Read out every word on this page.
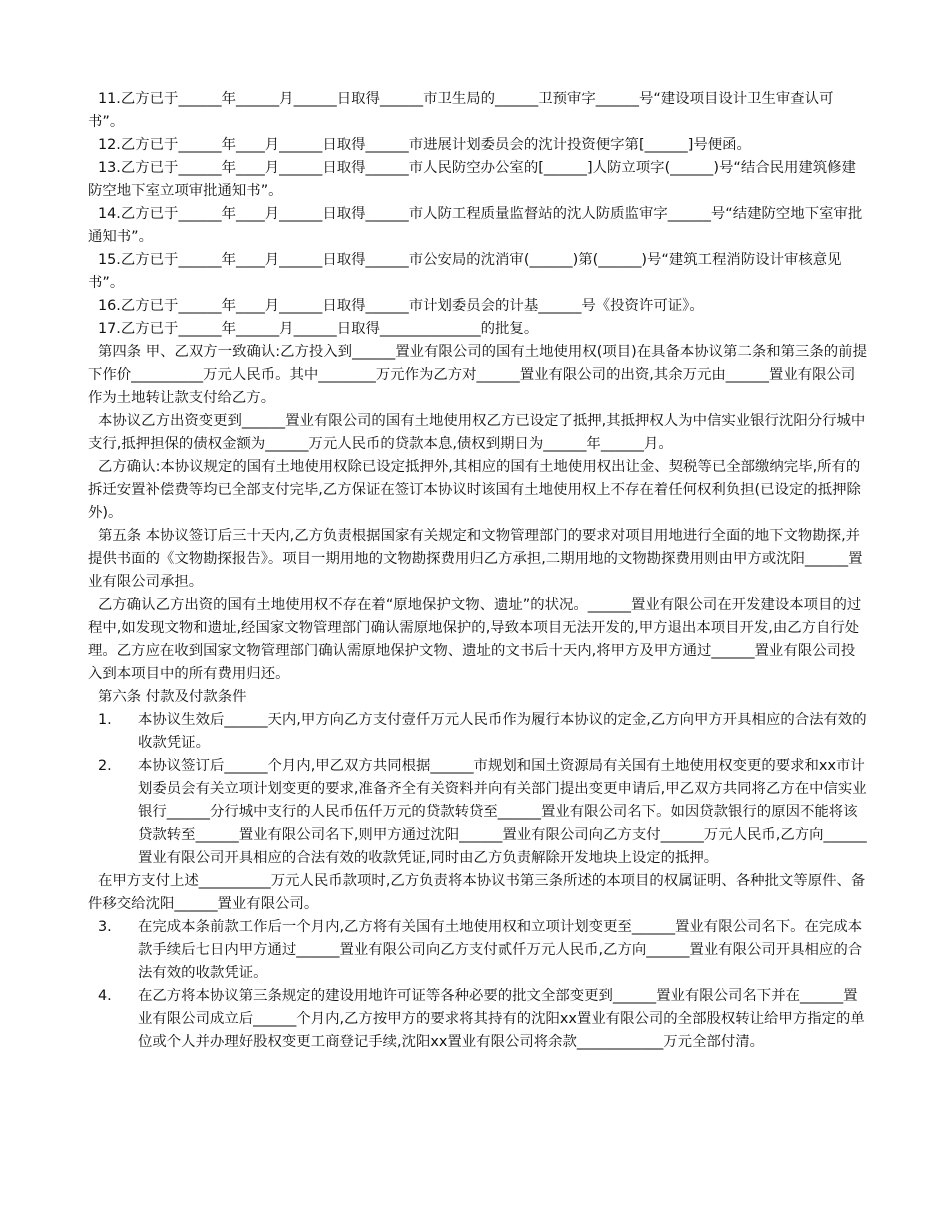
11.乙方已于______年______月______日取得______市卫生局的______卫预审字______号“建设项目设计卫生审查认可书”。

12.乙方已于______年____月______日取得______市进展计划委员会的沈计投资便字第[______]号便函。

13.乙方已于______年____月______日取得______市人民防空办公室的[______]人防立项字(______)号“结合民用建筑修建防空地下室立项审批通知书”。

14.乙方已于______年____月______日取得______市人防工程质量监督站的沈人防质监审字______号“结建防空地下室审批通知书”。

15.乙方已于______年____月______日取得______市公安局的沈消审(______)第(______)号“建筑工程消防设计审核意见书”。

16.乙方已于______年____月______日取得______市计划委员会的计基______号《投资许可证》。

17.乙方已于______年______月______日取得______________的批复。

第四条 甲、乙双方一致确认:乙方投入到______置业有限公司的国有土地使用权(项目)在具备本协议第二条和第三条的前提下作价__________万元人民币。其中________万元作为乙方对______置业有限公司的出资,其余万元由______置业有限公司作为土地转让款支付给乙方。

本协议乙方出资变更到______置业有限公司的国有土地使用权乙方已设定了抵押,其抵押权人为中信实业银行沈阳分行城中支行,抵押担保的债权金额为______万元人民币的贷款本息,债权到期日为______年______月。

乙方确认:本协议规定的国有土地使用权除已设定抵押外,其相应的国有土地使用权出让金、契税等已全部缴纳完毕,所有的拆迁安置补偿费等均已全部支付完毕,乙方保证在签订本协议时该国有土地使用权上不存在着任何权利负担(已设定的抵押除外)。

第五条 本协议签订后三十天内,乙方负责根据国家有关规定和文物管理部门的要求对项目用地进行全面的地下文物勘探,并提供书面的《文物勘探报告》。项目一期用地的文物勘探费用归乙方承担,二期用地的文物勘探费用则由甲方或沈阳______置业有限公司承担。

乙方确认乙方出资的国有土地使用权不存在着“原地保护文物、遗址”的状况。______置业有限公司在开发建设本项目的过程中,如发现文物和遗址,经国家文物管理部门确认需原地保护的,导致本项目无法开发的,甲方退出本项目开发,由乙方自行处理。乙方应在收到国家文物管理部门确认需原地保护文物、遗址的文书后十天内,将甲方及甲方通过______置业有限公司投入到本项目中的所有费用归还。

第六条 付款及付款条件

1.	本协议生效后______天内,甲方向乙方支付壹仟万元人民币作为履行本协议的定金,乙方向甲方开具相应的合法有效的收款凭证。
2.	本协议签订后______个月内,甲乙双方共同根据______市规划和国土资源局有关国有土地使用权变更的要求和xx市计划委员会有关立项计划变更的要求,准备齐全有关资料并向有关部门提出变更申请后,甲乙双方共同将乙方在中信实业银行______分行城中支行的人民币伍仟万元的贷款转贷至______置业有限公司名下。如因贷款银行的原因不能将该贷款转至______置业有限公司名下,则甲方通过沈阳______置业有限公司向乙方支付______万元人民币,乙方向______置业有限公司开具相应的合法有效的收款凭证,同时由乙方负责解除开发地块上设定的抵押。

在甲方支付上述__________万元人民币款项时,乙方负责将本协议书第三条所述的本项目的权属证明、各种批文等原件、备件移交给沈阳______置业有限公司。

3.	在完成本条前款工作后一个月内,乙方将有关国有土地使用权和立项计划变更至______置业有限公司名下。在完成本款手续后七日内甲方通过______置业有限公司向乙方支付贰仟万元人民币,乙方向______置业有限公司开具相应的合法有效的收款凭证。
4.	在乙方将本协议第三条规定的建设用地许可证等各种必要的批文全部变更到______置业有限公司名下并在______置业有限公司成立后______个月内,乙方按甲方的要求将其持有的沈阳xx置业有限公司的全部股权转让给甲方指定的单位或个人并办理好股权变更工商登记手续,沈阳xx置业有限公司将余款____________万元全部付清。
